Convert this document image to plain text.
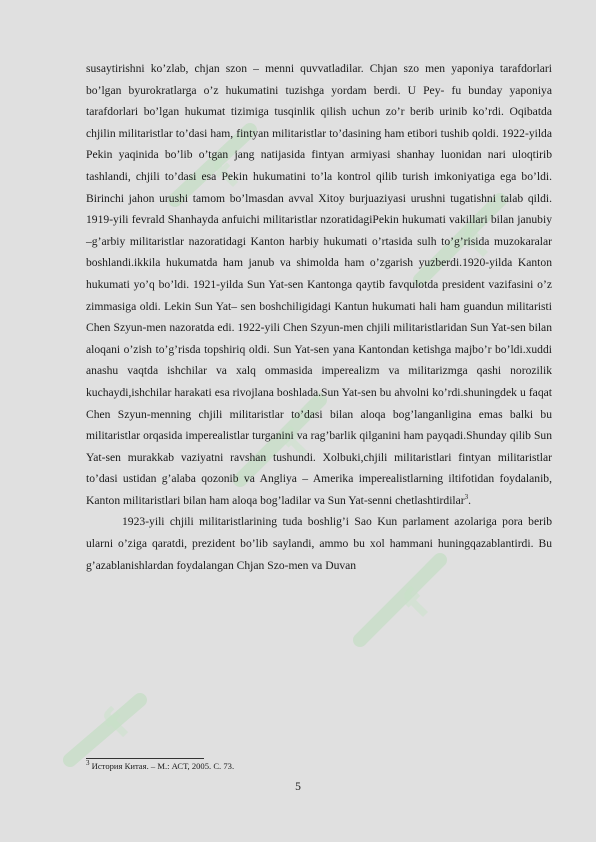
f
f
f
f
f

susaytirishni ko’zlab, chjan szon – menni quvvatladilar. Chjan szo men yaponiya tarafdorlari bo’lgan byurokratlarga o’z hukumatini tuzishga yordam berdi. U Pey- fu bunday yaponiya tarafdorlari bo’lgan hukumat tizimiga tusqinlik qilish uchun zo’r berib urinib ko’rdi. Oqibatda chjilin militaristlar to’dasi ham, fintyan militaristlar to’dasining ham etibori tushib qoldi. 1922-yilda Pekin yaqinida bo’lib o’tgan jang natijasida fintyan armiyasi shanhay luonidan nari uloqtirib tashlandi, chjili to’dasi esa Pekin hukumatini to’la kontrol qilib turish imkoniyatiga ega bo’ldi. Birinchi jahon urushi tamom bo’lmasdan avval Xitoy burjuaziyasi urushni tugatishni talab qildi. 1919-yili fevrald Shanhayda anfuichi militaristlar nzoratidagiPekin hukumati vakillari bilan janubiy –g’arbiy militaristlar nazoratidagi Kanton harbiy hukumati o’rtasida sulh to’g’risida muzokaralar boshlandi.ikkila hukumatda ham janub va shimolda ham o’zgarish yuzberdi.1920-yilda Kanton hukumati yo’q bo’ldi. 1921-yilda Sun Yat-sen Kantonga qaytib favqulotda president vazifasini o’z zimmasiga oldi. Lekin Sun Yat– sen boshchiligidagi Kantun hukumati hali ham guandun militaristi Chen Szyun-men nazoratda edi. 1922-yili Chen Szyun-men chjili militaristlaridan Sun Yat-sen bilan aloqani o’zish to’g’risda topshiriq oldi. Sun Yat-sen yana Kantondan ketishga majbo’r bo’ldi.xuddi anashu vaqtda ishchilar va xalq ommasida imperealizm va militarizmga qashi norozilik kuchaydi,ishchilar harakati esa rivojlana boshlada.Sun Yat-sen bu ahvolni ko’rdi.shuningdek u faqat Chen Szyun-menning chjili militaristlar to’dasi bilan aloqa bog’langanligina emas balki bu militaristlar orqasida imperealistlar turganini va rag’barlik qilganini ham payqadi.Shunday qilib Sun Yat-sen murakkab vaziyatni ravshan tushundi. Xolbuki,chjili militaristlari fintyan militaristlar to’dasi ustidan g’alaba qozonib va Angliya – Amerika imperealistlarning iltifotidan foydalanib, Kanton militaristlari bilan ham aloqa bog’ladilar va Sun Yat-senni chetlashtirdilar$^3$.

1923-yili chjili militaristlarining tuda boshlig’i Sao Kun parlament azolariga pora berib ularni o’ziga qaratdi, prezident bo’lib saylandi, ammo bu xol hammani huningqazablantirdi. Bu g’azablanishlardan foydalangan Chjan Szo-men va Duvan

$^3$ История Китая. – М.: АСТ, 2005. С. 73.
5
